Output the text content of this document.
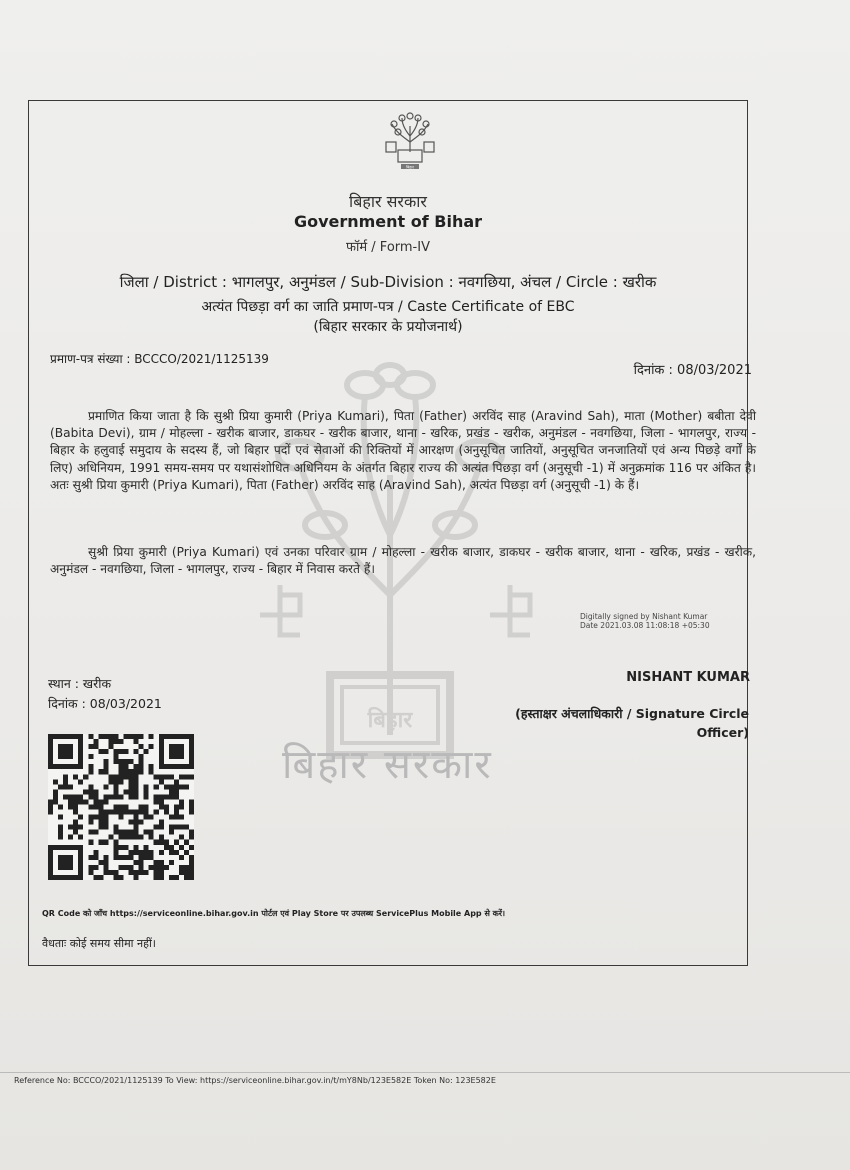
बिहार
बिहार
बिहार सरकार
बिहार सरकार
Government of Bihar
फॉर्म / Form-IV
जिला / District : भागलपुर, अनुमंडल / Sub-Division : नवगछिया, अंचल / Circle : खरीक
अत्यंत पिछड़ा वर्ग का जाति प्रमाण-पत्र / Caste Certificate of EBC
(बिहार सरकार के प्रयोजनार्थ)
प्रमाण-पत्र संख्या : BCCCO/2021/1125139
दिनांक : 08/03/2021
प्रमाणित किया जाता है कि सुश्री प्रिया कुमारी (Priya Kumari), पिता (Father) अरविंद साह (Aravind Sah), माता (Mother) बबीता देवी (Babita Devi), ग्राम / मोहल्ला - खरीक बाजार, डाकघर - खरीक बाजार, थाना - खरिक, प्रखंड - खरीक, अनुमंडल - नवगछिया, जिला - भागलपुर, राज्य - बिहार के हलुवाई समुदाय के सदस्य हैं, जो बिहार पदों एवं सेवाओं की रिक्तियों में आरक्षण (अनुसूचित जातियों, अनुसूचित जनजातियों एवं अन्य पिछड़े वर्गों के लिए) अधिनियम, 1991 समय-समय पर यथासंशोधित अधिनियम के अंतर्गत बिहार राज्य की अत्यंत पिछड़ा वर्ग (अनुसूची -1) में अनुक्रमांक 116 पर अंकित है। अतः सुश्री प्रिया कुमारी (Priya Kumari), पिता (Father) अरविंद साह (Aravind Sah), अत्यंत पिछड़ा वर्ग (अनुसूची -1) के हैं।
सुश्री प्रिया कुमारी (Priya Kumari) एवं उनका परिवार ग्राम / मोहल्ला - खरीक बाजार, डाकघर - खरीक बाजार, थाना - खरिक, प्रखंड - खरीक, अनुमंडल - नवगछिया, जिला - भागलपुर, राज्य - बिहार में निवास करते हैं।
Digitally signed by Nishant Kumar
Date 2021.03.08 11:08:18 +05:30
स्थान : खरीक
दिनांक : 08/03/2021
NISHANT KUMAR
(हस्ताक्षर अंचलाधिकारी / Signature Circle Officer)
QR Code को जाँच https://serviceonline.bihar.gov.in पोर्टल एवं Play Store पर उपलब्ध ServicePlus Mobile App से करें।
वैधताः कोई समय सीमा नहीं।
Reference No: BCCCO/2021/1125139 To View: https://serviceonline.bihar.gov.in/t/mY8Nb/123E582E Token No: 123E582E
